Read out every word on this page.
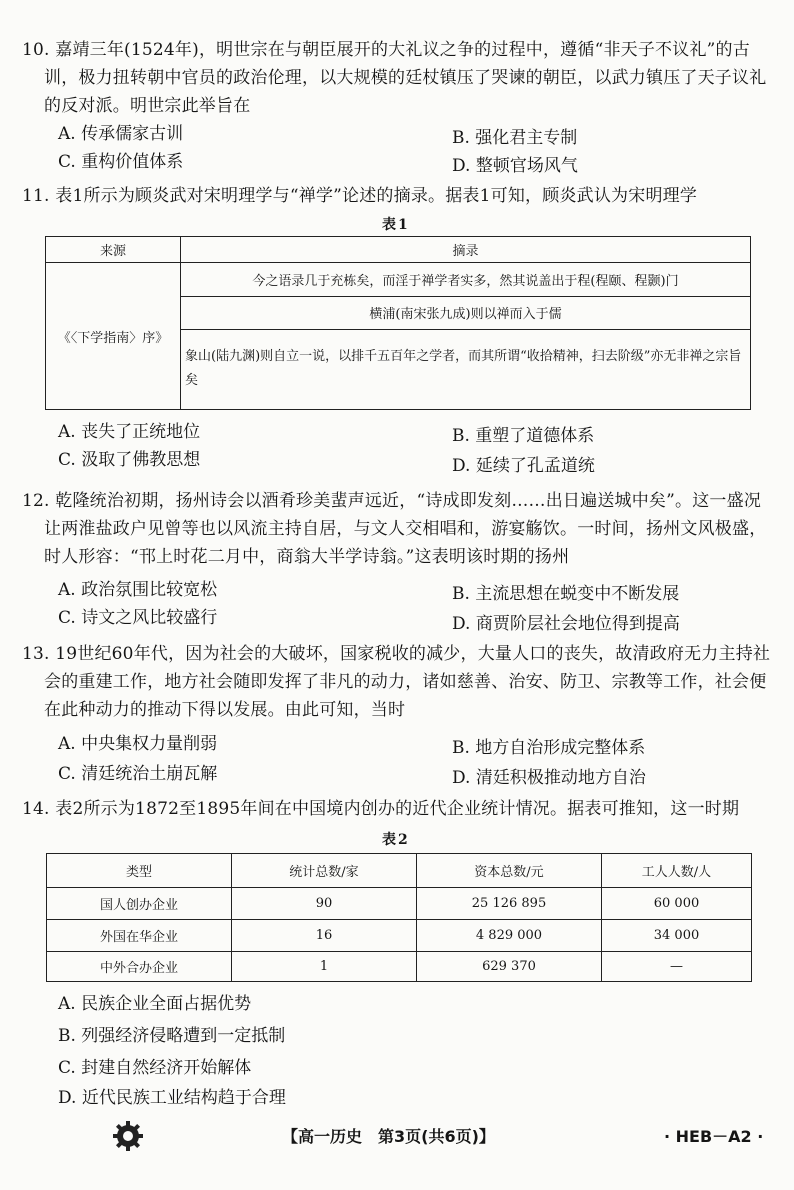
10. 嘉靖三年(1524年)，明世宗在与朝臣展开的大礼议之争的过程中，遵循“非天子不议礼”的古训，极力扭转朝中官员的政治伦理，以大规模的廷杖镇压了哭谏的朝臣，以武力镇压了天子议礼的反对派。明世宗此举旨在
A. 传承儒家古训	B. 强化君主专制
C. 重构价值体系	D. 整顿官场风气
11. 表1所示为顾炎武对宋明理学与“禅学”论述的摘录。据表1可知，顾炎武认为宋明理学
表1
来源	摘录
《〈下学指南〉序》	今之语录几于充栋矣，而淫于禅学者实多，然其说盖出于程(程颐、程颢)门
	横浦(南宋张九成)则以禅而入于儒
	象山(陆九渊)则自立一说，以排千五百年之学者，而其所谓“收拾精神，扫去阶级”亦无非禅之宗旨矣
A. 丧失了正统地位	B. 重塑了道德体系
C. 汲取了佛教思想	D. 延续了孔孟道统
12. 乾隆统治初期，扬州诗会以酒肴珍美蜚声远近，“诗成即发刻……出日遍送城中矣”。这一盛况让两淮盐政户见曾等也以风流主持自居，与文人交相唱和，游宴觞饮。一时间，扬州文风极盛，时人形容：“邗上时花二月中，商翁大半学诗翁。”这表明该时期的扬州
A. 政治氛围比较宽松	B. 主流思想在蜕变中不断发展
C. 诗文之风比较盛行	D. 商贾阶层社会地位得到提高
13. 19世纪60年代，因为社会的大破坏，国家税收的减少，大量人口的丧失，故清政府无力主持社会的重建工作，地方社会随即发挥了非凡的动力，诸如慈善、治安、防卫、宗教等工作，社会便在此种动力的推动下得以发展。由此可知，当时
A. 中央集权力量削弱	B. 地方自治形成完整体系
C. 清廷统治土崩瓦解	D. 清廷积极推动地方自治
14. 表2所示为1872至1895年间在中国境内创办的近代企业统计情况。据表可推知，这一时期
表2
类型	统计总数/家	资本总数/元	工人人数/人
国人创办企业	90	25 126 895	60 000
外国在华企业	16	4 829 000	34 000
中外合办企业	1	629 370	—
A. 民族企业全面占据优势
B. 列强经济侵略遭到一定抵制
C. 封建自然经济开始解体
D. 近代民族工业结构趋于合理
【高一历史　第3页(共6页)】	· HEB－A2 ·
